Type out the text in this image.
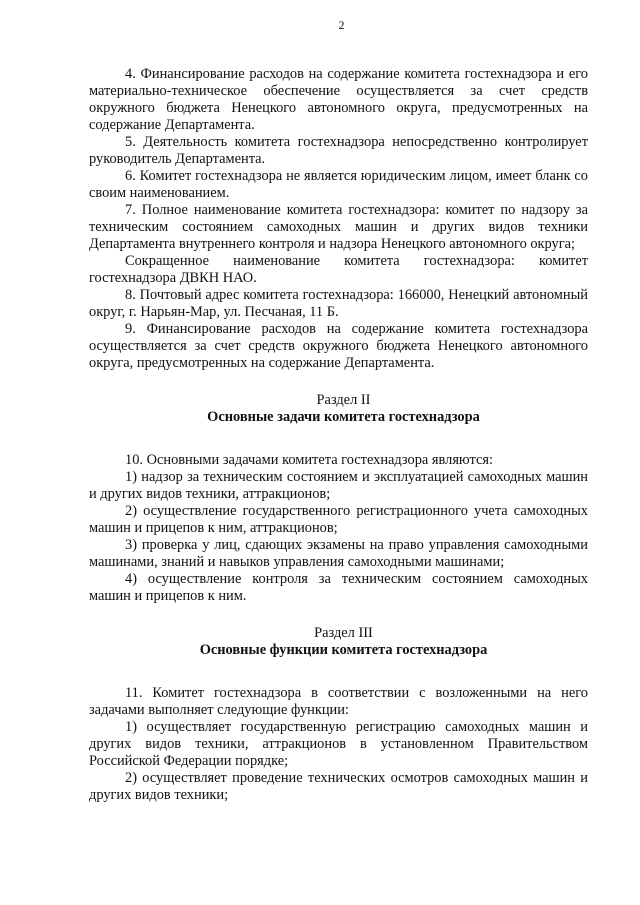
2

4. Финансирование расходов на содержание комитета гостехнадзора и его материально-техническое обеспечение осуществляется за счет средств окружного бюджета Ненецкого автономного округа, предусмотренных на содержание Департамента.

5. Деятельность комитета гостехнадзора непосредственно контролирует руководитель Департамента.

6. Комитет гостехнадзора не является юридическим лицом, имеет бланк со своим наименованием.

7. Полное наименование комитета гостехнадзора: комитет по надзору за техническим состоянием самоходных машин и других видов техники Департамента внутреннего контроля и надзора Ненецкого автономного округа;

Сокращенное наименование комитета гостехнадзора: комитет гостехнадзора ДВКН НАО.

8. Почтовый адрес комитета гостехнадзора: 166000, Ненецкий автономный округ, г. Нарьян-Мар, ул. Песчаная, 11 Б.

9. Финансирование расходов на содержание комитета гостехнадзора осуществляется за счет средств окружного бюджета Ненецкого автономного округа, предусмотренных на содержание Департамента.

Раздел II

Основные задачи комитета гостехнадзора

10. Основными задачами комитета гостехнадзора являются:

1) надзор за техническим состоянием и эксплуатацией самоходных машин и других видов техники, аттракционов;

2) осуществление государственного регистрационного учета самоходных машин и прицепов к ним, аттракционов;

3) проверка у лиц, сдающих экзамены на право управления самоходными машинами, знаний и навыков управления самоходными машинами;

4) осуществление контроля за техническим состоянием самоходных машин и прицепов к ним.

Раздел III

Основные функции комитета гостехнадзора

11. Комитет гостехнадзора в соответствии с возложенными на него задачами выполняет следующие функции:

1) осуществляет государственную регистрацию самоходных машин и других видов техники, аттракционов в установленном Правительством Российской Федерации порядке;

2) осуществляет проведение технических осмотров самоходных машин и других видов техники;
